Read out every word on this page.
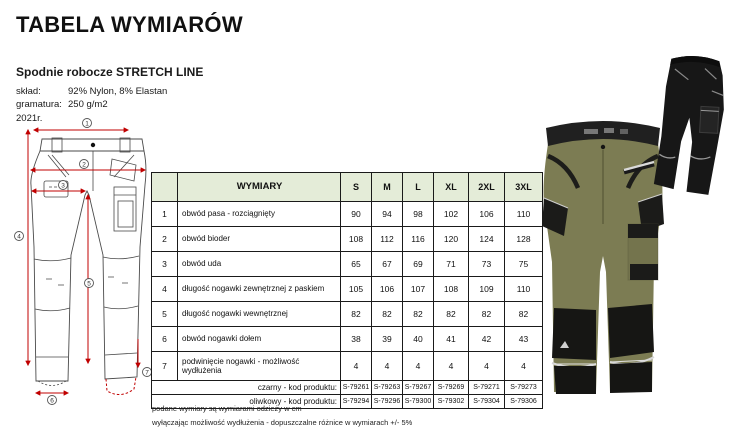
TABELA WYMIARÓW
Spodnie robocze STRETCH LINE
skład:	92% Nylon, 8% Elastan
gramatura: 250 g/m2
2021r.
1
2
3
4
5
6
7
	WYMIARY	S	M	L	XL	2XL	3XL
1	obwód pasa - rozciągnięty	90	94	98	102	106	110
2	obwód bioder	108	112	116	120	124	128
3	obwód uda	65	67	69	71	73	75
4	długość nogawki zewnętrznej z paskiem	105	106	107	108	109	110
5	długość nogawki wewnętrznej	82	82	82	82	82	82
6	obwód nogawki dołem	38	39	40	41	42	43
7	podwinięcie nogawki - możliwość wydłużenia	4	4	4	4	4	4
czarny - kod produktu:		S-79261	S-79263	S-79267	S-79269	S-79271	S-79273
oliwkowy - kod produktu:		S-79294	S-79296	S-79300	S-79302	S-79304	S-79306
podane wymiary są wymiarami odzieży w cm
wyłączając możliwość wydłużenia - dopuszczalne różnice w wymiarach +/- 5%
